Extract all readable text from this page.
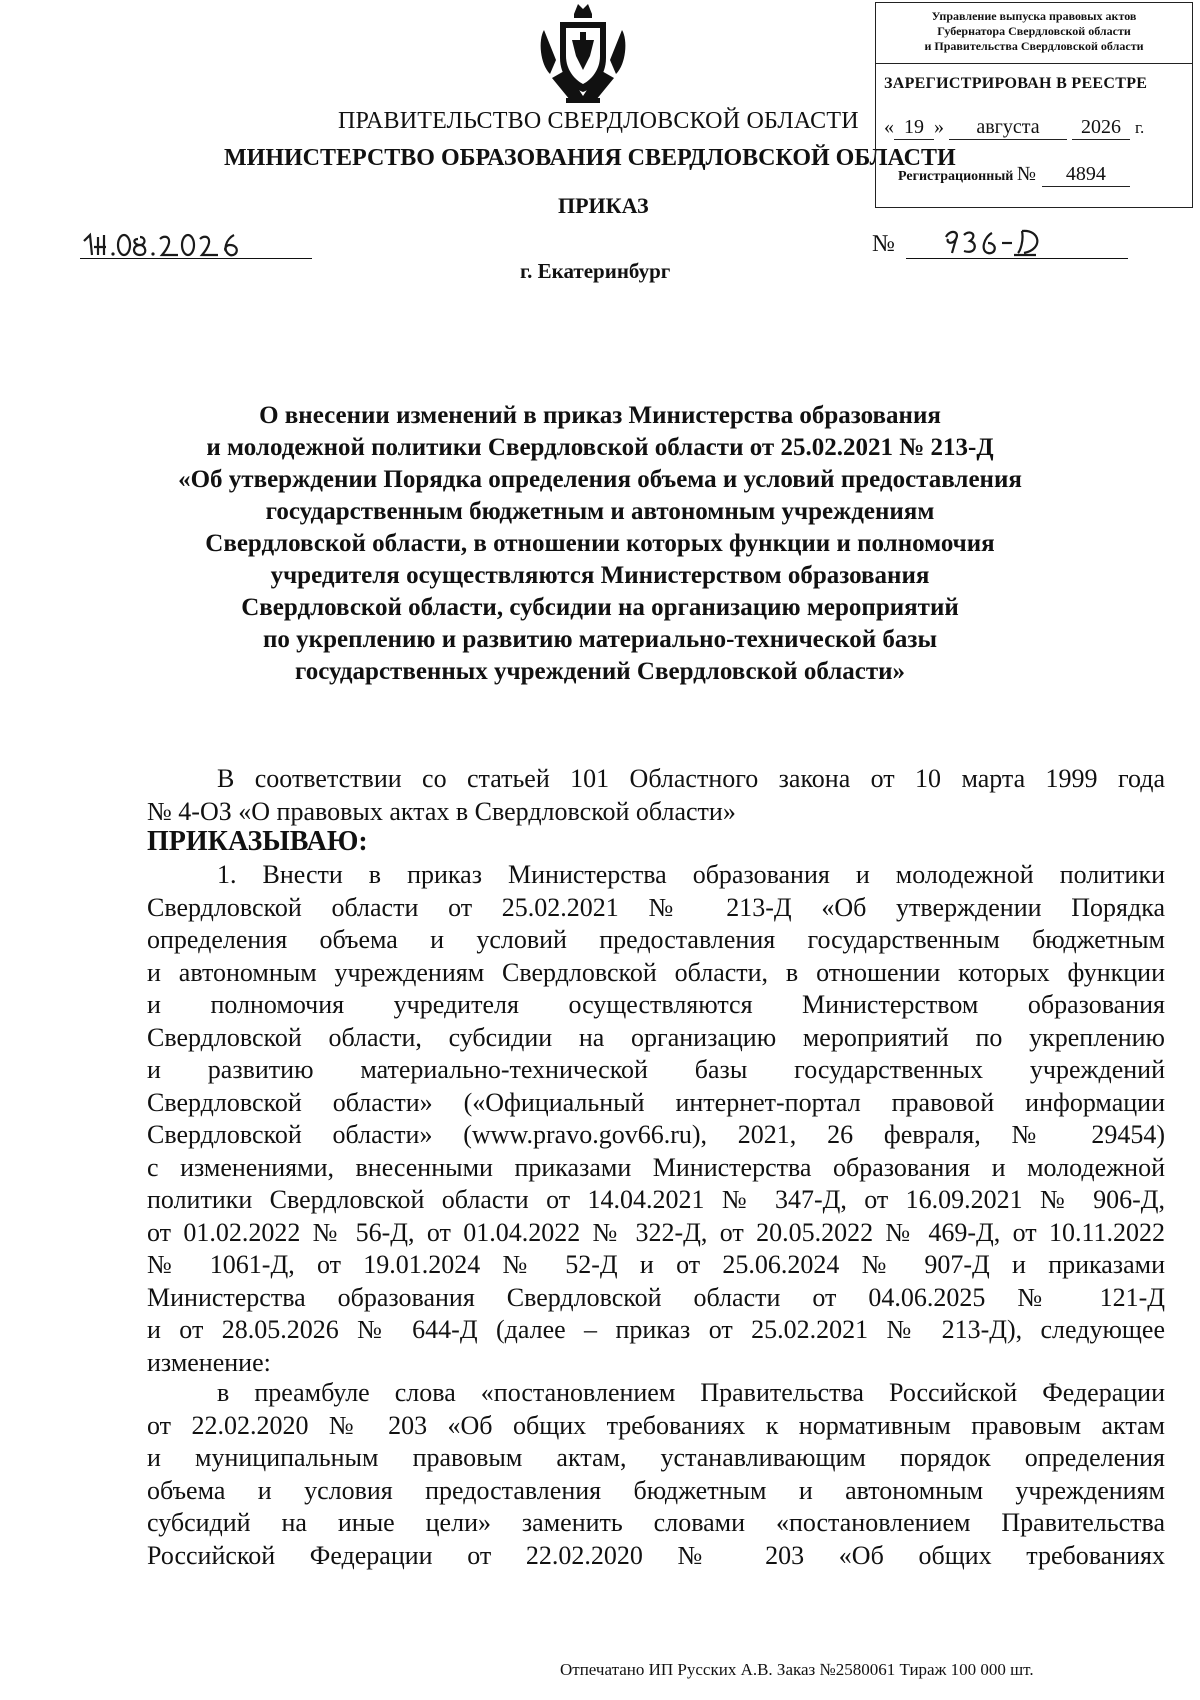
ПРАВИТЕЛЬСТВО СВЕРДЛОВСКОЙ ОБЛАСТИ
МИНИСТЕРСТВО ОБРАЗОВАНИЯ СВЕРДЛОВСКОЙ ОБЛАСТИ
ПРИКАЗ
№
г. Екатеринбург
Управление выпуска правовых актов
Губернатора Свердловской области
и Правительства Свердловской области
ЗАРЕГИСТРИРОВАН В РЕЕСТРЕ
« 19 » августа 2026 г.
Регистрационный № 4894
О внесении изменений в приказ Министерства образования
и молодежной политики Свердловской области от 25.02.2021 № 213-Д
«Об утверждении Порядка определения объема и условий предоставления
государственным бюджетным и автономным учреждениям
Свердловской области, в отношении которых функции и полномочия
учредителя осуществляются Министерством образования
Свердловской области, субсидии на организацию мероприятий
по укреплению и развитию материально-технической базы
государственных учреждений Свердловской области»
В соответствии со статьей 101 Областного закона от 10 марта 1999 года
№ 4-ОЗ «О правовых актах в Свердловской области»
ПРИКАЗЫВАЮ:
1. Внести в приказ Министерства образования и молодежной политики
Свердловской области от 25.02.2021 № 213-Д «Об утверждении Порядка
определения объема и условий предоставления государственным бюджетным
и автономным учреждениям Свердловской области, в отношении которых функции
и полномочия учредителя осуществляются Министерством образования
Свердловской области, субсидии на организацию мероприятий по укреплению
и развитию материально-технической базы государственных учреждений
Свердловской области» («Официальный интернет-портал правовой информации
Свердловской области» (www.pravo.gov66.ru), 2021, 26 февраля, № 29454)
с изменениями, внесенными приказами Министерства образования и молодежной
политики Свердловской области от 14.04.2021 № 347-Д, от 16.09.2021 № 906-Д,
от 01.02.2022 № 56-Д, от 01.04.2022 № 322-Д, от 20.05.2022 № 469-Д, от 10.11.2022
№ 1061-Д, от 19.01.2024 № 52-Д и от 25.06.2024 № 907-Д и приказами
Министерства образования Свердловской области от 04.06.2025 № 121-Д
и от 28.05.2026 № 644-Д (далее – приказ от 25.02.2021 № 213-Д), следующее
изменение:
в преамбуле слова «постановлением Правительства Российской Федерации
от 22.02.2020 № 203 «Об общих требованиях к нормативным правовым актам
и муниципальным правовым актам, устанавливающим порядок определения
объема и условия предоставления бюджетным и автономным учреждениям
субсидий на иные цели» заменить словами «постановлением Правительства
Российской Федерации от 22.02.2020 № 203 «Об общих требованиях
Отпечатано ИП Русских А.В. Заказ №2580061 Тираж 100 000 шт.
